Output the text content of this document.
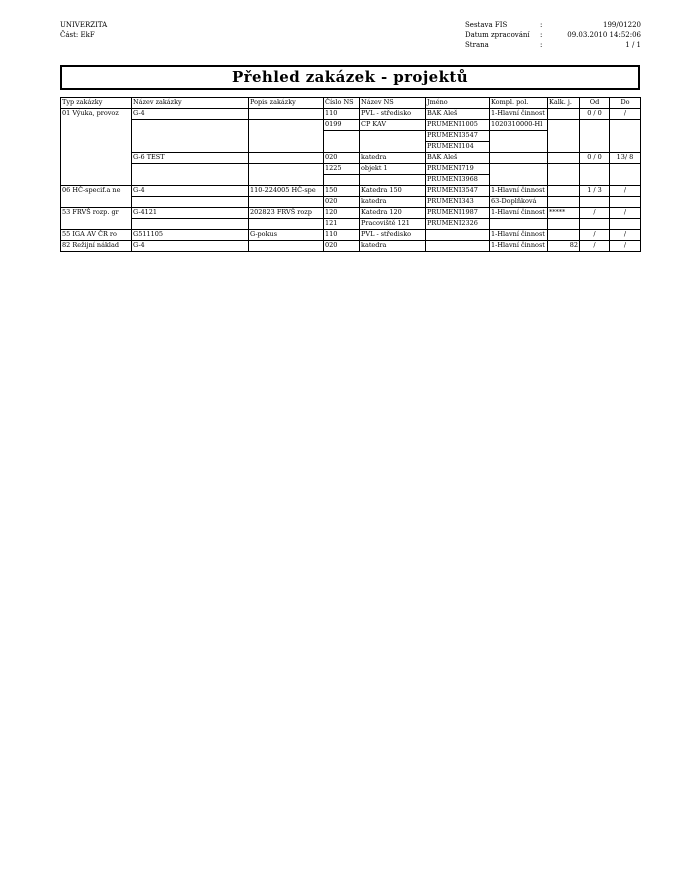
UNIVERZITA
Část: EkF
Sestava FIS	:	199/01220
Datum zpracování	:	09.03.2010 14:52:06
Strana	:	1 / 1
Přehled zakázek - projektů
Typ zakázky	Název zakázky	Popis zakázky	Číslo NS	Název NS	Jméno	Kompl. pol.	Kalk. j.	Od	Do
01 Výuka, provoz	G-4		110	PVL - středisko	BAK Aleš	1-Hlavní činnost		0 / 0	/
			0199	CP KAV	PRUMENI1005	1020310000-Hl			
					PRUMENI3547				
					PRUMENI104				
	G-6 TEST		020	katedra	BAK Aleš			0 / 0	13/ 8
			1225	objekt 1	PRUMENI719				
					PRUMENI3968				
06 HČ-specif.a ne	G-4	110-224005 HČ-spe	150	Katedra 150	PRUMENI3547	1-Hlavní činnost		1 / 3	/
			020	katedra	PRUMENI343	63-Doplňková			
53 FRVŠ rozp. gr	G-4121	202823 FRVŠ rozp	120	Katedra 120	PRUMENI1987	1-Hlavní činnost	*****	/	/
			121	Pracoviště 121	PRUMENI2326				
55 IGA AV ČR ro	G511105	G-pokus	110	PVL - středisko		1-Hlavní činnost		/	/
82 Režijní náklad	G-4		020	katedra		1-Hlavní činnost	82	/	/
